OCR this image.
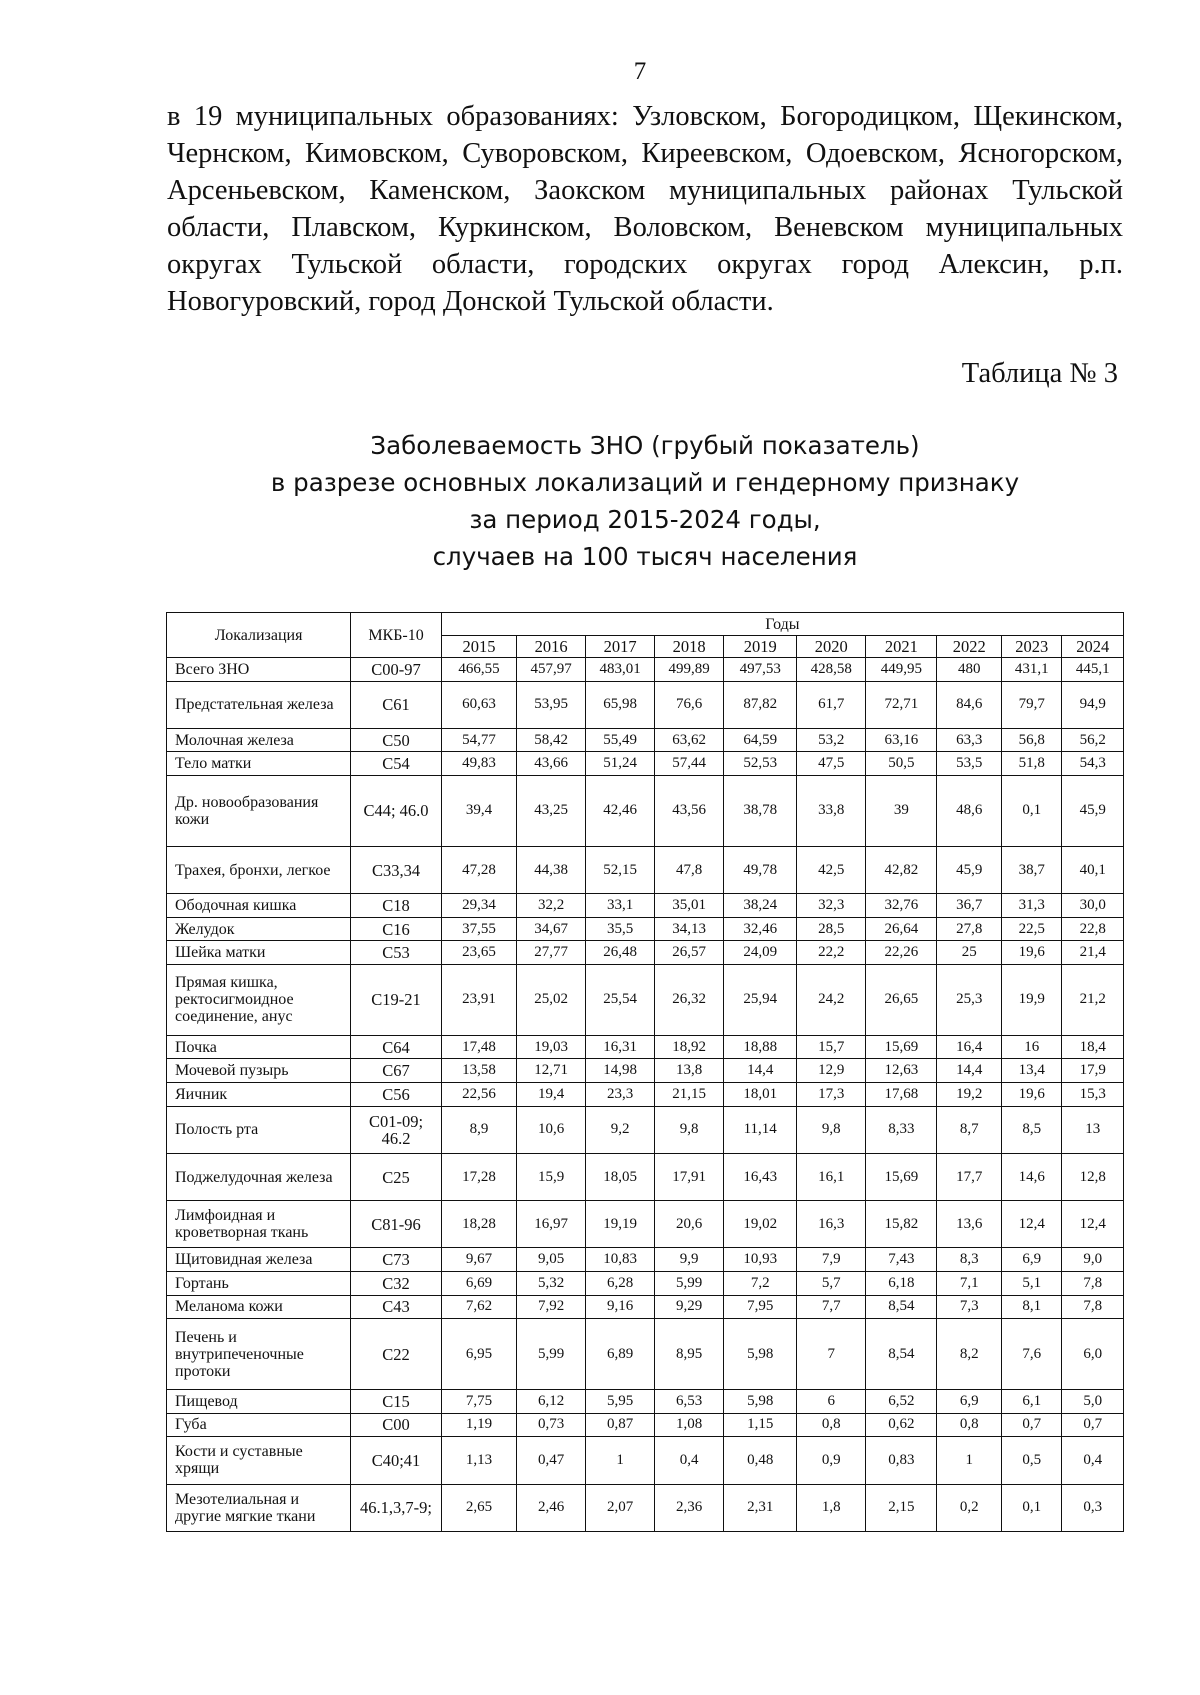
7

в 19 муниципальных образованиях: Узловском, Богородицком, Щекинском, Чернском, Кимовском, Суворовском, Киреевском, Одоевском, Ясногорском, Арсеньевском, Каменском, Заокском муниципальных районах Тульской области, Плавском, Куркинском, Воловском, Веневском муниципальных округах Тульской области, городских округах город Алексин, р.п. Новогуровский, город Донской Тульской области.

Таблица № 3
Заболеваемость ЗНО (грубый показатель)
в разрезе основных локализаций и гендерному признаку
за период 2015-2024 годы,
случаев на 100 тысяч населения
Локализация	МКБ-10	Годы									
		2015	2016	2017	2018	2019	2020	2021	2022	2023	2024
Всего ЗНО	С00-97	466,55	457,97	483,01	499,89	497,53	428,58	449,95	480	431,1	445,1
Предстательная железа	С61	60,63	53,95	65,98	76,6	87,82	61,7	72,71	84,6	79,7	94,9
Молочная железа	С50	54,77	58,42	55,49	63,62	64,59	53,2	63,16	63,3	56,8	56,2
Тело матки	С54	49,83	43,66	51,24	57,44	52,53	47,5	50,5	53,5	51,8	54,3
Др. новообразования кожи	С44; 46.0	39,4	43,25	42,46	43,56	38,78	33,8	39	48,6	0,1	45,9
Трахея, бронхи, легкое	С33,34	47,28	44,38	52,15	47,8	49,78	42,5	42,82	45,9	38,7	40,1
Ободочная кишка	С18	29,34	32,2	33,1	35,01	38,24	32,3	32,76	36,7	31,3	30,0
Желудок	С16	37,55	34,67	35,5	34,13	32,46	28,5	26,64	27,8	22,5	22,8
Шейка матки	С53	23,65	27,77	26,48	26,57	24,09	22,2	22,26	25	19,6	21,4
Прямая кишка, ректосигмоидное соединение, анус	С19-21	23,91	25,02	25,54	26,32	25,94	24,2	26,65	25,3	19,9	21,2
Почка	С64	17,48	19,03	16,31	18,92	18,88	15,7	15,69	16,4	16	18,4
Мочевой пузырь	С67	13,58	12,71	14,98	13,8	14,4	12,9	12,63	14,4	13,4	17,9
Яичник	С56	22,56	19,4	23,3	21,15	18,01	17,3	17,68	19,2	19,6	15,3
Полость рта	С01-09; 46.2	8,9	10,6	9,2	9,8	11,14	9,8	8,33	8,7	8,5	13
Поджелудочная железа	С25	17,28	15,9	18,05	17,91	16,43	16,1	15,69	17,7	14,6	12,8
Лимфоидная и кроветворная ткань	С81-96	18,28	16,97	19,19	20,6	19,02	16,3	15,82	13,6	12,4	12,4
Щитовидная железа	С73	9,67	9,05	10,83	9,9	10,93	7,9	7,43	8,3	6,9	9,0
Гортань	С32	6,69	5,32	6,28	5,99	7,2	5,7	6,18	7,1	5,1	7,8
Меланома кожи	С43	7,62	7,92	9,16	9,29	7,95	7,7	8,54	7,3	8,1	7,8
Печень и внутрипеченочные протоки	С22	6,95	5,99	6,89	8,95	5,98	7	8,54	8,2	7,6	6,0
Пищевод	С15	7,75	6,12	5,95	6,53	5,98	6	6,52	6,9	6,1	5,0
Губа	С00	1,19	0,73	0,87	1,08	1,15	0,8	0,62	0,8	0,7	0,7
Кости и суставные хрящи	С40;41	1,13	0,47	1	0,4	0,48	0,9	0,83	1	0,5	0,4
Мезотелиальная и другие мягкие ткани	46.1,3,7-9;	2,65	2,46	2,07	2,36	2,31	1,8	2,15	0,2	0,1	0,3
